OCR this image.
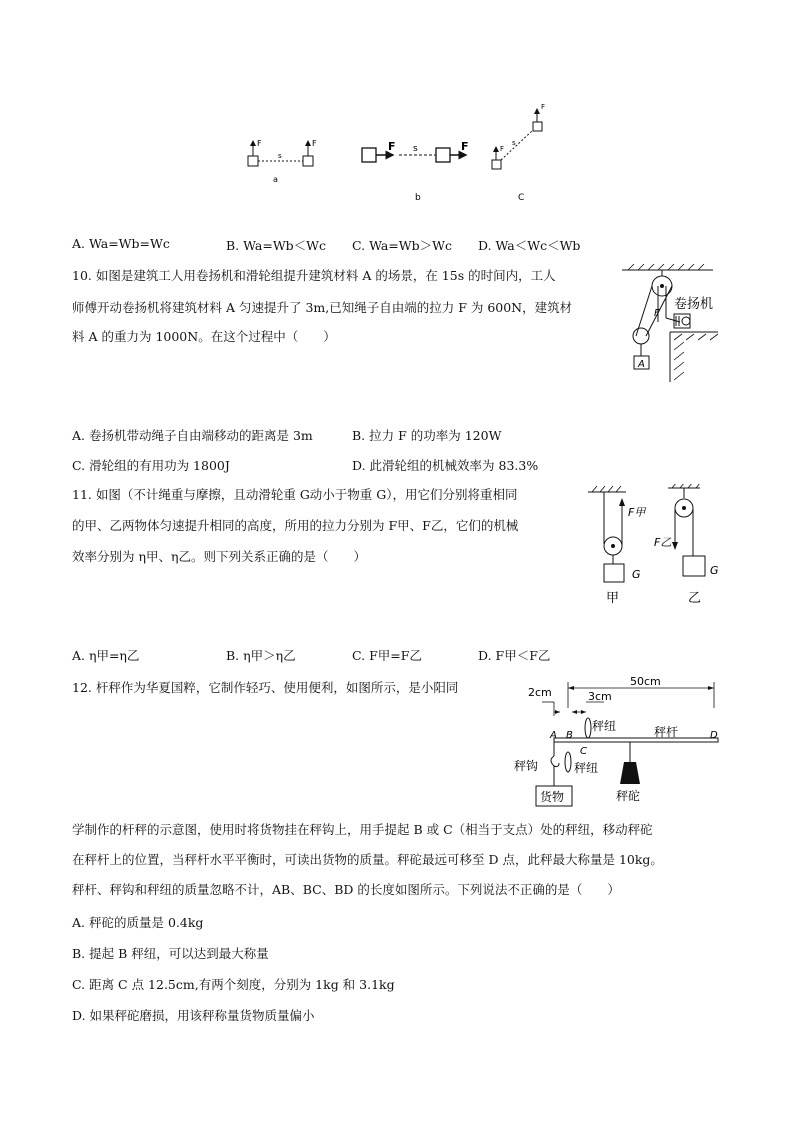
F
s
F
a
F s	F
b
F
s
F
C
A. Wa=Wb=Wc	B. Wa=Wb＜Wc C. Wa=Wb＞Wc D. Wa＜Wc＜Wb
10. 如图是建筑工人用卷扬机和滑轮组提升建筑材料 A 的场景，在 15s 的时间内，工人
师傅开动卷扬机将建筑材料 A 匀速提升了 3m,已知绳子自由端的拉力 F 为 600N，建筑材
料 A 的重力为 1000N。在这个过程中（　　）
A
F
卷扬机
A. 卷扬机带动绳子自由端移动的距离是 3m	B. 拉力 F 的功率为 120W
C. 滑轮组的有用功为 1800J	D. 此滑轮组的机械效率为 83.3%
11. 如图（不计绳重与摩擦，且动滑轮重 G动小于物重 G），用它们分别将重相同
的甲、乙两物体匀速提升相同的高度，所用的拉力分别为 F甲、F乙，它们的机械
效率分别为 η甲、η乙。则下列关系正确的是（　　）
F甲
G
甲
F乙
G
乙
A. η甲=η乙	B. η甲＞η乙	C. F甲=F乙	D. F甲＜F乙
12. 杆秤作为华夏国粹，它制作轻巧、使用便利，如图所示，是小阳同	50cm
2cm	3cm
A B
C
D
秤纽	秤杆
秤纽
秤钩
货物	秤砣
学制作的杆秤的示意图，使用时将货物挂在秤钩上，用手提起 B 或 C（相当于支点）处的秤纽，移动秤砣
在秤杆上的位置，当秤杆水平平衡时，可读出货物的质量。秤砣最远可移至 D 点，此秤最大称量是 10kg。
秤杆、秤钩和秤纽的质量忽略不计，AB、BC、BD 的长度如图所示。下列说法不正确的是（　　）
A. 秤砣的质量是 0.4kg
B. 提起 B 秤纽，可以达到最大称量
C. 距离 C 点 12.5cm,有两个刻度，分别为 1kg 和 3.1kg
D. 如果秤砣磨损，用该秤称量货物质量偏小
